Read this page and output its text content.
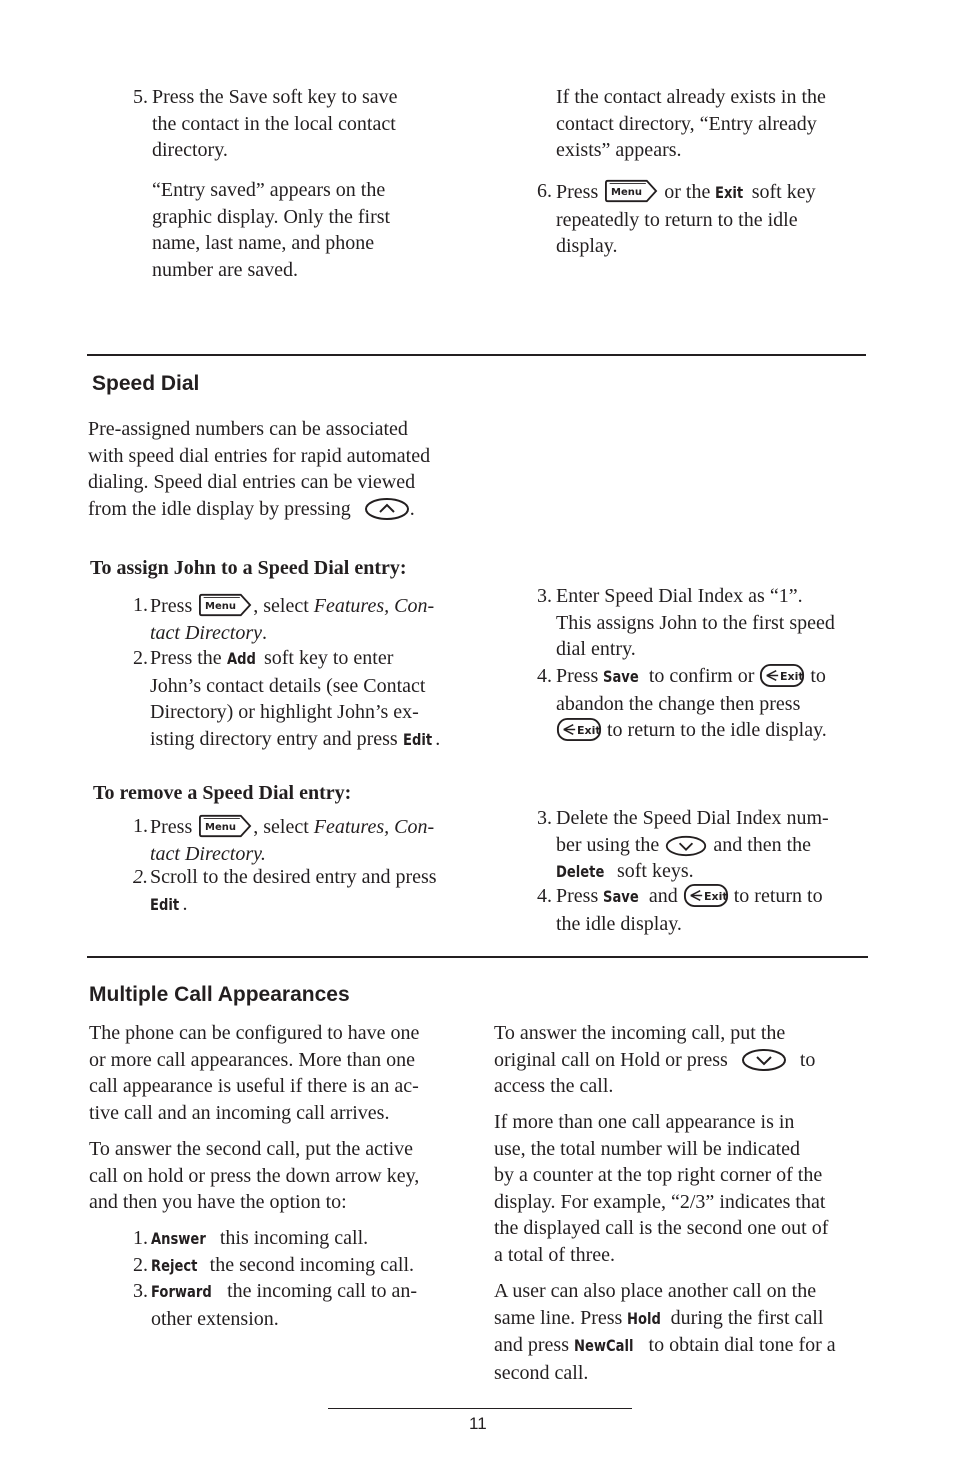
5. Press the Save soft key to save

the contact in the local contact

directory.

“Entry saved” appears on the

graphic display. Only the first

name, last name, and phone

number are saved.

If the contact already exists in the

contact directory, “Entry already

exists” appears.

6. Press Menu or the Exit soft key

repeatedly to return to the idle

display.

Speed Dial

Pre-assigned numbers can be associated

with speed dial entries for rapid automated

dialing. Speed dial entries can be viewed

from the idle display by pressing	.

To assign John to a Speed Dial entry:
1. Press Menu , select Features, Con-

tact Directory.

2. Press the Add soft key to enter

John’s contact details (see Contact

Directory) or highlight John’s ex-

isting directory entry and press Edit .

3. Enter Speed Dial Index as “1”.

This assigns John to the first speed

dial entry.

4. Press Save to confirm or Exit to

abandon the change then press

Exit to return to the idle display.

To remove a Speed Dial entry:
1. Press Menu , select Features, Con-

tact Directory.

2. Scroll to the desired entry and press

Edit .

3. Delete the Speed Dial Index num-

ber using the	and then the

Delete soft keys.

4. Press Save and Exit to return to

the idle display.

Multiple Call Appearances

The phone can be configured to have one

or more call appearances. More than one

call appearance is useful if there is an ac-

tive call and an incoming call arrives.

To answer the second call, put the active

call on hold or press the down arrow key,

and then you have the option to:

1. Answer this incoming call.

2. Reject the second incoming call.

3. Forward the incoming call to an-

other extension.

To answer the incoming call, put the

original call on Hold or press	to

access the call.

If more than one call appearance is in

use, the total number will be indicated

by a counter at the top right corner of the

display. For example, “2/3” indicates that

the displayed call is the second one out of

a total of three.

A user can also place another call on the

same line. Press Hold during the first call

and press NewCall to obtain dial tone for a

second call.

11
